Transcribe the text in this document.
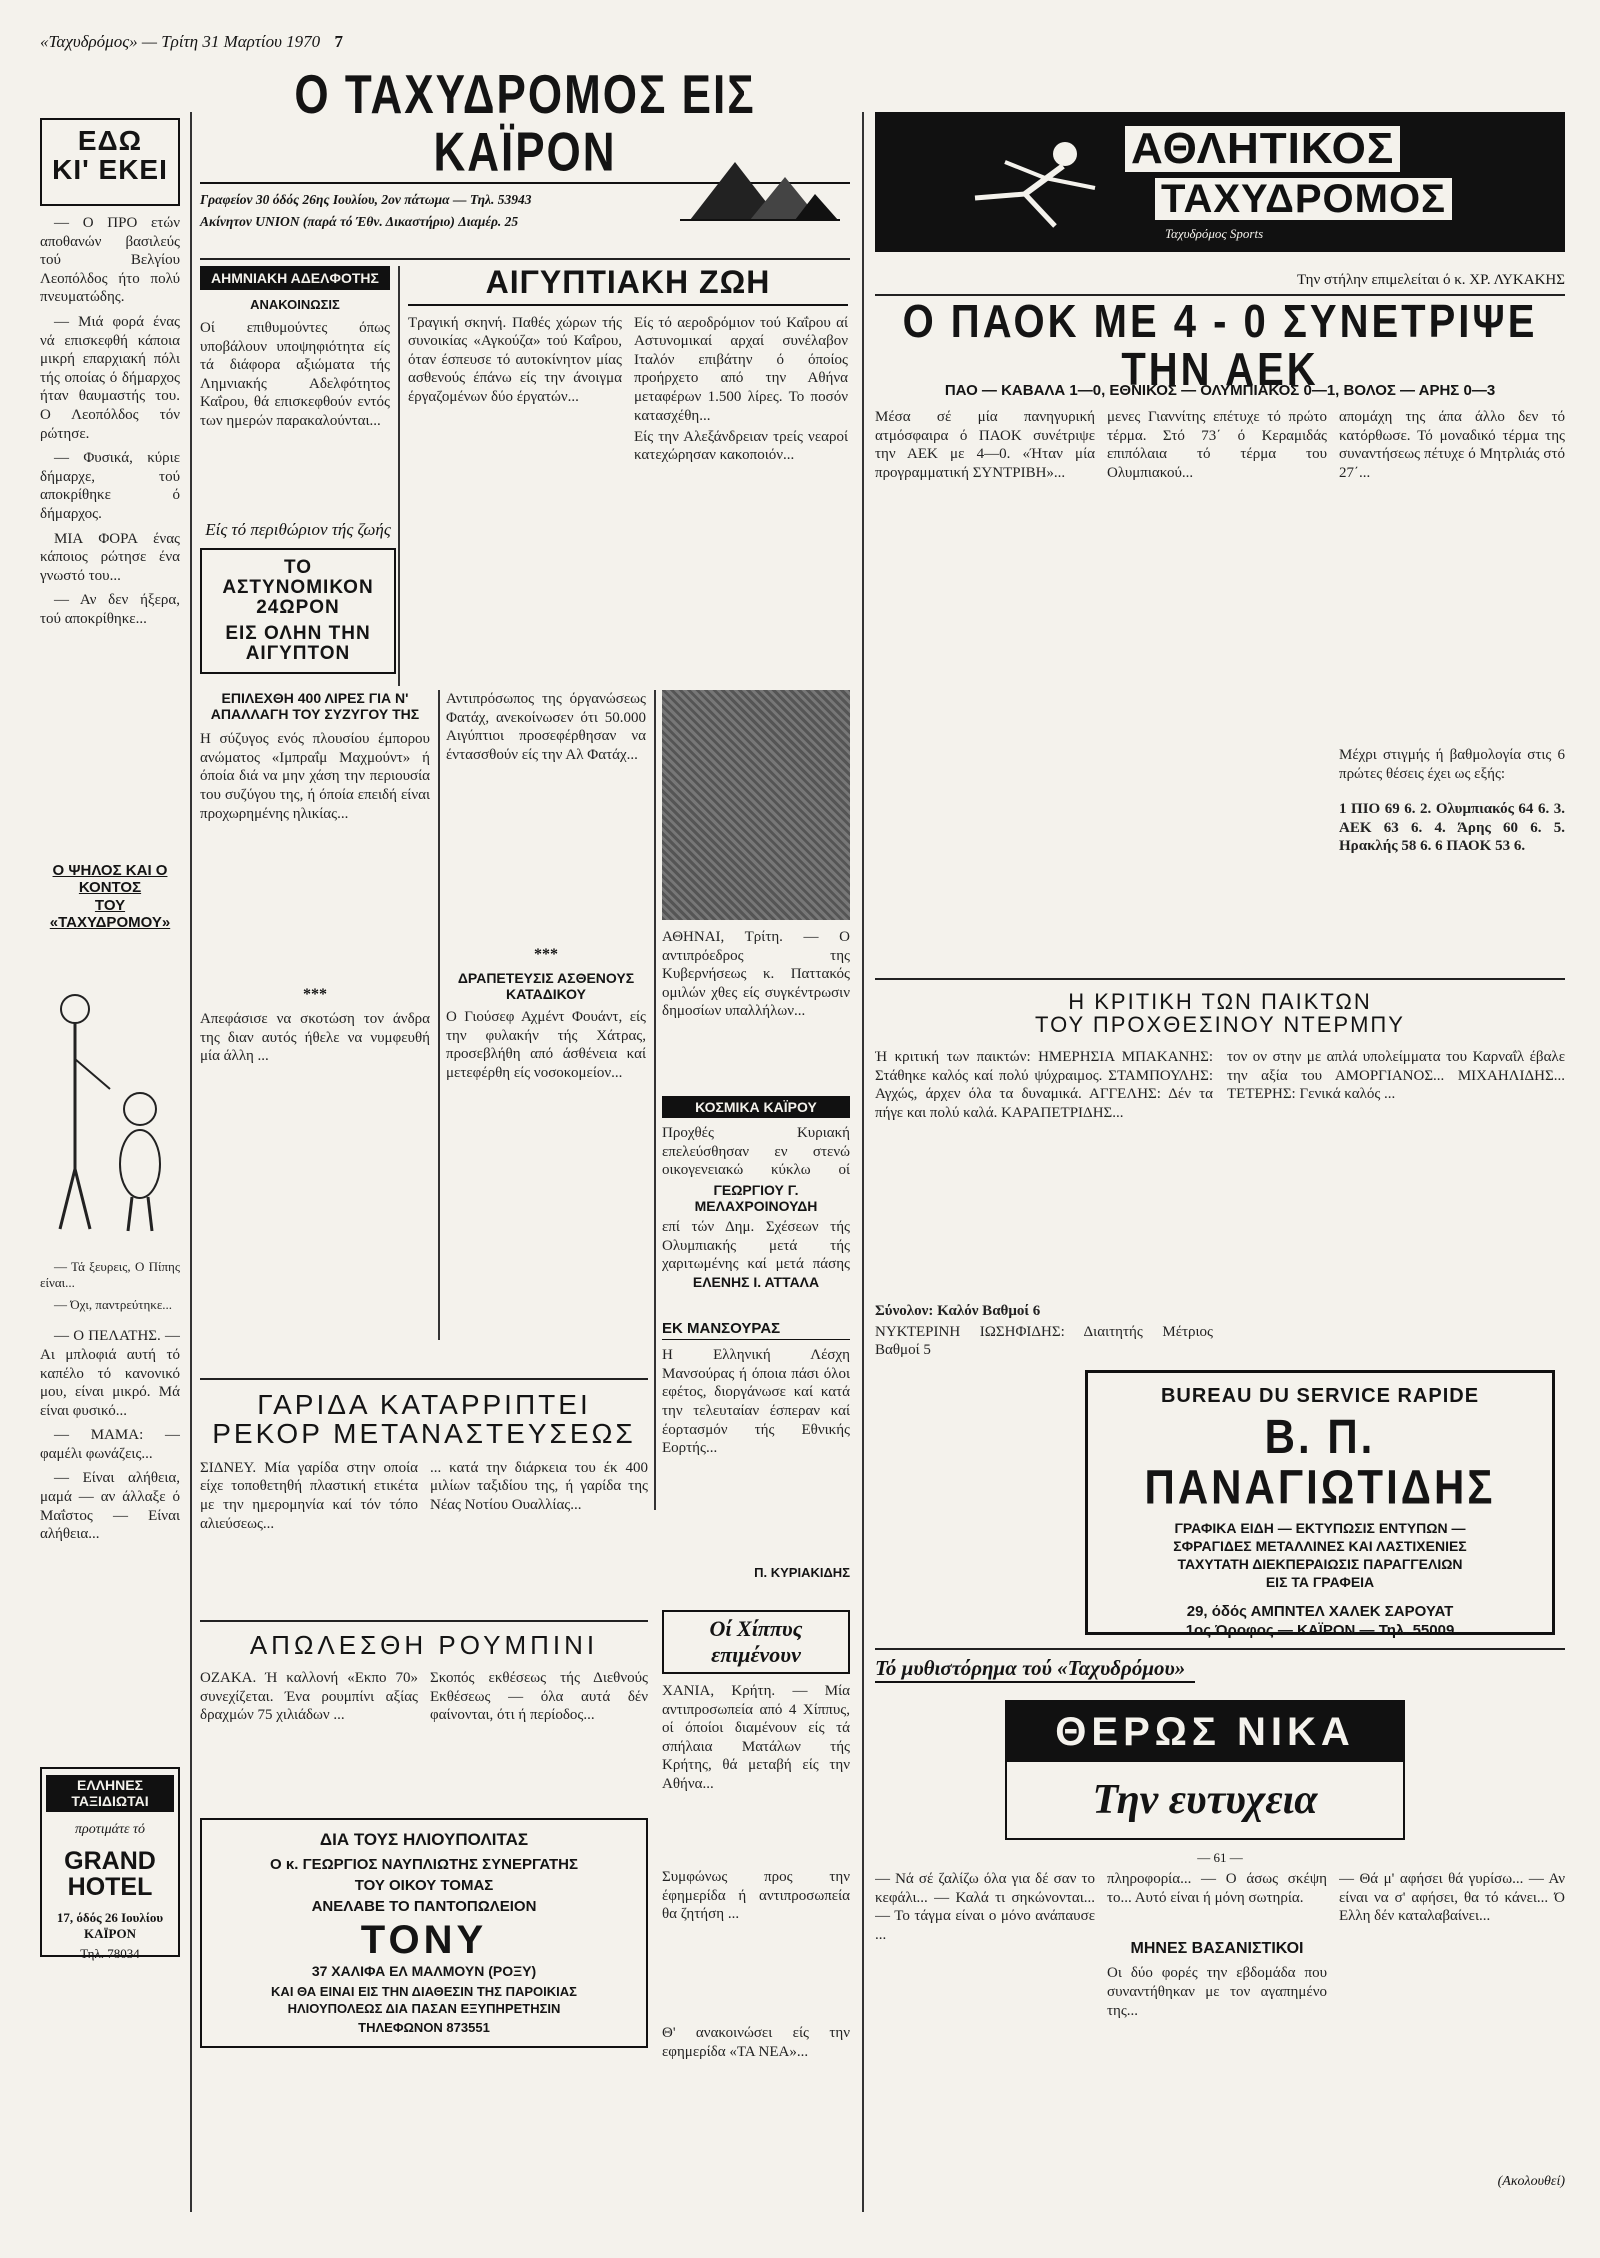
«Ταχυδρόμος» — Τρίτη 31 Μαρτίου 1970 7
ΕΔΩ
ΚΙ' ΕΚΕΙ

— Ο ΠΡΟ ετών αποθανών βασιλεύς τού Βελγίου Λεοπόλδος ήτο πολύ πνευματώδης.

— Μιά φορά ένας νά επισκεφθή κάποια μικρή επαρχιακή πόλι τής οποίας ό δήμαρχος ήταν θαυμαστής του. Ο Λεοπόλδος τόν ρώτησε.

— Φυσικά, κύριε δήμαρχε, τού αποκρίθηκε ό δήμαρχος.

ΜΙΑ ΦΟΡΑ ένας κάποιος ρώτησε ένα γνωστό του...

— Αν δεν ήξερα, τού αποκρίθηκε...

Ο ΨΗΛΟΣ ΚΑΙ Ο ΚΟΝΤΟΣ
ΤΟΥ «ΤΑΧΥΔΡΟΜΟΥ»

— Τά ξευρεις, Ο Πίπης είναι...

— Όχι, παντρεύτηκε...

— Ο ΠΕΛΑΤΗΣ. — Αι μπλοφιά αυτή τό καπέλο τό κανονικό μου, είναι μικρό. Μά είναι φυσικό...

— ΜΑΜΑ: — φαμέλι φωνάζεις...

— Είναι αλήθεια, μαμά — αν άλλαξε ό Μαΐστος — Είναι αλήθεια...

ΕΛΛΗΝΕΣ ΤΑΞΙΔΙΩΤΑΙ
προτιμάτε τό
GRAND HOTEL
17, όδός 26 Ιουλίου ΚΑΪΡΟΝ
Τηλ. 78034
Ο ΤΑΧΥΔΡΟΜΟΣ ΕΙΣ ΚΑΪΡΟΝ
Γραφείον 30 όδός 26ης Ιουλίου, 2ον πάτωμα — Τηλ. 53943
Ακίνητον UNION (παρά τό Έθν. Δικαστήριο) Διαμέρ. 25
ΑΗΜΝΙΑΚΗ ΑΔΕΛΦΟΤΗΣ
ΑΝΑΚΟΙΝΩΣΙΣ
Οί επιθυμούντες όπως υποβάλουν υποψηφιότητα είς τά διάφορα αξιώματα τής Λημνιακής Αδελφότητος Καΐρου, θά επισκεφθούν εντός των ημερών παρακαλούνται...
ΑΙΓΥΠΤΙΑΚΗ ΖΩΗ
Τραγική σκηνή. Παθές χώρων τής συνοικίας «Αγκούζα» τού Καΐρου, όταν έσπευσε τό αυτοκίνητον μίας ασθενούς έπάνω είς την άνοιγμα έργαζομένων δύο έργατών...
Είς τό αεροδρόμιον τού Καΐρου αί Αστυνομικαί αρχαί συνέλαβον Ιταλόν επιβάτην ό όποίος προήρχετο από την Αθήνα μεταφέρων 1.500 λίρες. Το ποσόν κατασχέθη...
Είς την Αλεξάνδρειαν τρείς νεαροί κατεχώρησαν κακοποιόν...
Είς τό περιθώριον τής ζωής
ΤΟ ΑΣΤΥΝΟΜΙΚΟΝ 24ΩΡΟΝ
ΕΙΣ ΟΛΗΝ ΤΗΝ ΑΙΓΥΠΤΟΝ
ΕΠΙΛΕΧΘΗ 400 ΛΙΡΕΣ ΓΙΑ Ν' ΑΠΑΛΛΑΓΗ ΤΟΥ ΣΥΖΥΓΟΥ ΤΗΣ
Η σύζυγος ενός πλουσίου έμπορου ανώματος «Ιμπραΐμ Μαχμούντ» ή όποία διά να μην χάση την περιουσία του συζύγου της, ή όποία επειδή είναι προχωρημένης ηλικίας...
***
Απεφάσισε να σκοτώση τον άνδρα της διαν αυτός ήθελε να νυμφευθή μία άλλη ...
Αντιπρόσωπος της όργανώσεως Φατάχ, ανεκοίνωσεν ότι 50.000 Αιγύπτιοι προσεφέρθησαν να έντασσθούν είς την Αλ Φατάχ...
***
ΔΡΑΠΕΤΕΥΣΙΣ ΑΣΘΕΝΟΥΣ ΚΑΤΑΔΙΚΟΥ
Ο Γιούσεφ Αχμέντ Φουάντ, είς την φυλακήν τής Χάτρας, προσεβλήθη από άσθένεια καί μετεφέρθη είς νοσοκομείον...
ΑΘΗΝΑΙ, Τρίτη. — Ο αντιπρόεδρος της Κυβερνήσεως κ. Παττακός ομιλών χθες είς συγκέντρωσιν δημοσίων υπαλλήλων...
ΚΟΣΜΙΚΑ ΚΑΪΡΟΥ
Προχθές Κυριακή επελεύσθησαν εν στενώ οικογενειακώ κύκλω οί
ΓΕΩΡΓΙΟΥ Γ. ΜΕΛΑΧΡΟΙΝΟΥΔΗ
επί τών Δημ. Σχέσεων τής Ολυμπιακής μετά τής χαριτωμένης καί μετά πάσης
ΕΛΕΝΗΣ Ι. ΑΤΤΑΛΑ
ΓΑΡΙΔΑ ΚΑΤΑΡΡΙΠΤΕΙ
ΡΕΚΟΡ ΜΕΤΑΝΑΣΤΕΥΣΕΩΣ
ΣΙΔΝΕΥ. Μία γαρίδα στην οποία είχε τοποθετηθή πλαστική ετικέτα με την ημερομηνία καί τόν τόπο αλιεύσεως...
... κατά την διάρκεια του έκ 400 μιλίων ταξιδίου της, ή γαρίδα της Νέας Νοτίου Ουαλλίας...
ΕΚ ΜΑΝΣΟΥΡΑΣ
Η Ελληνική Λέσχη Μανσούρας ή όποια πάσι όλοι εφέτος, διοργάνωσε καί κατά την τελευταίαν έσπεραν καί έορτασμόν τής Εθνικής Εορτής...
Π. ΚΥΡΙΑΚΙΔΗΣ
ΑΠΩΛΕΣΘΗ ΡΟΥΜΠΙΝΙ
ΟΖΑΚΑ. Ή καλλονή «Εκπο 70» συνεχίζεται. Ένα ρουμπίνι αξίας δραχμών 75 χιλιάδων ...
Σκοπός εκθέσεως τής Διεθνούς Εκθέσεως — όλα αυτά δέν φαίνονται, ότι ή περίοδος...
ΔΙΑ ΤΟΥΣ ΗΛΙΟΥΠΟΛΙΤΑΣ
Ο κ. ΓΕΩΡΓΙΟΣ ΝΑΥΠΛΙΩΤΗΣ ΣΥΝΕΡΓΑΤΗΣ
ΤΟΥ ΟΙΚΟΥ ΤΟΜΑΣ
ΑΝΕΛΑΒΕ ΤΟ ΠΑΝΤΟΠΩΛΕΙΟΝ
ΤΟΝΥ
37 ΧΑΛΙΦΑ ΕΛ ΜΑΛΜΟΥΝ (ΡΟΞΥ)
ΚΑΙ ΘΑ ΕΙΝΑΙ ΕΙΣ ΤΗΝ ΔΙΑΘΕΣΙΝ ΤΗΣ ΠΑΡΟΙΚΙΑΣ
ΗΛΙΟΥΠΟΛΕΩΣ ΔΙΑ ΠΑΣΑΝ ΕΞΥΠΗΡΕΤΗΣΙΝ
ΤΗΛΕΦΩΝΟΝ 873551
Οί Χίππυς
επιμένουν
ΧΑΝΙΑ, Κρήτη. — Μία αντιπροσωπεία από 4 Χίππυς, οί όποίοι διαμένουν είς τά σπήλαια Ματάλων τής Κρήτης, θά μεταβή είς την Αθήνα...
Συμφώνως προς την έφημερίδα ή αντιπροσωπεία θα ζητήση ...
Θ' ανακοινώσει είς την εφημερίδα «ΤΑ ΝΕΑ»...
ΑΘΛΗΤΙΚΟΣ
ΤΑΧΥΔΡΟΜΟΣ
Ταχυδρόμος Sports
Την στήλην επιμελείται ό κ. ΧΡ. ΛΥΚΑΚΗΣ
Ο ΠΑΟΚ ΜΕ 4 - 0 ΣΥΝΕΤΡΙΨΕ ΤΗΝ ΑΕΚ
ΠΑΟ — ΚΑΒΑΛΑ 1—0, ΕΘΝΙΚΟΣ — ΟΛΥΜΠΙΑΚΟΣ 0—1, ΒΟΛΟΣ — ΑΡΗΣ 0—3
Μέσα σέ μία πανηγυρική ατμόσφαιρα ό ΠΑΟΚ συνέτριψε την ΑΕΚ με 4—0. «Ήταν μία προγραμματική ΣΥΝΤΡΙΒΗ»...
μενες Γιαννίτης επέτυχε τό πρώτο τέρμα. Στό 73΄ ό Κεραμιδάς επιπόλαια τό τέρμα του Ολυμπιακού...
απομάχη της άπα άλλο δεν τό κατόρθωσε. Τό μοναδικό τέρμα της συναντήσεως πέτυχε ό Μητρλιάς στό 27΄...
Μέχρι στιγμής ή βαθμολογία στις 6 πρώτες θέσεις έχει ως εξής:
1 ΠΙΟ 69 6. 2. Ολυμπιακός 64 6. 3. ΑΕΚ 63 6. 4. Άρης 60 6. 5. Ηρακλής 58 6. 6 ΠΑΟΚ 53 6.
Η ΚΡΙΤΙΚΗ ΤΩΝ ΠΑΙΚΤΩΝ
ΤΟΥ ΠΡΟΧΘΕΣΙΝΟΥ ΝΤΕΡΜΠΥ
Ή κριτική των παικτών: ΗΜΕΡΗΣΙΑ ΜΠΑΚΑΝΗΣ: Στάθηκε καλός καί πολύ ψύχραιμος. ΣΤΑΜΠΟΥΛΗΣ: Αγχώς, άρχεν όλα τα δυναμικά. ΑΓΓΕΛΗΣ: Δέν τα πήγε και πολύ καλά. ΚΑΡΑΠΕΤΡΙΔΗΣ...
Σύνολον: Καλόν Βαθμοί 6
ΝΥΚΤΕΡΙΝΗ ΙΩΣΗΦΙΔΗΣ: Διαιτητής Μέτριος Βαθμοί 5
τον ον στην με απλά υπολείμματα του Καρναΐλ έβαλε την αξία του ΑΜΟΡΓΙΑΝΟΣ... ΜΙΧΑΗΛΙΔΗΣ... ΤΕΤΕΡΗΣ: Γενικά καλός ...
BUREAU DU SERVICE RAPIDE
Β. Π. ΠΑΝΑΓΙΩΤΙΔΗΣ
ΓΡΑΦΙΚΑ ΕΙΔΗ — ΕΚΤΥΠΩΣΙΣ ΕΝΤΥΠΩΝ —
ΣΦΡΑΓΙΔΕΣ ΜΕΤΑΛΛΙΝΕΣ ΚΑΙ ΛΑΣΤΙΧΕΝΙΕΣ
ΤΑΧΥΤΑΤΗ ΔΙΕΚΠΕΡΑΙΩΣΙΣ ΠΑΡΑΓΓΕΛΙΩΝ
ΕΙΣ ΤΑ ΓΡΑΦΕΙΑ
29, όδός ΑΜΠΝΤΕΛ ΧΑΛΕΚ ΣΑΡΟΥΑΤ
1ος Όροφος — ΚΑΪΡΟΝ — Τηλ. 55009
Τό μυθιστόρημα τού «Ταχυδρόμου»
ΘΕΡΩΣ ΝΙΚΑ
Την ευτυχεια
— 61 —
— Νά σέ ζαλίζω όλα για δέ σαν το κεφάλι... — Καλά τι σηκώνονται... — Το τάγμα είναι ο μόνο ανάπαυσε ...
πληροφορία... — Ο άσως σκέψη το... Αυτό είναι ή μόνη σωτηρία.
ΜΗΝΕΣ ΒΑΣΑΝΙΣΤΙΚΟΙ
Οι δύο φορές την εβδομάδα που συναντήθηκαν με τον αγαπημένο της...
— Θά μ' αφήσει θά γυρίσω... — Αν είναι να σ' αφήσει, θα τό κάνει... Ό Ελλη δέν καταλαβαίνει...
(Ακολουθεί)
